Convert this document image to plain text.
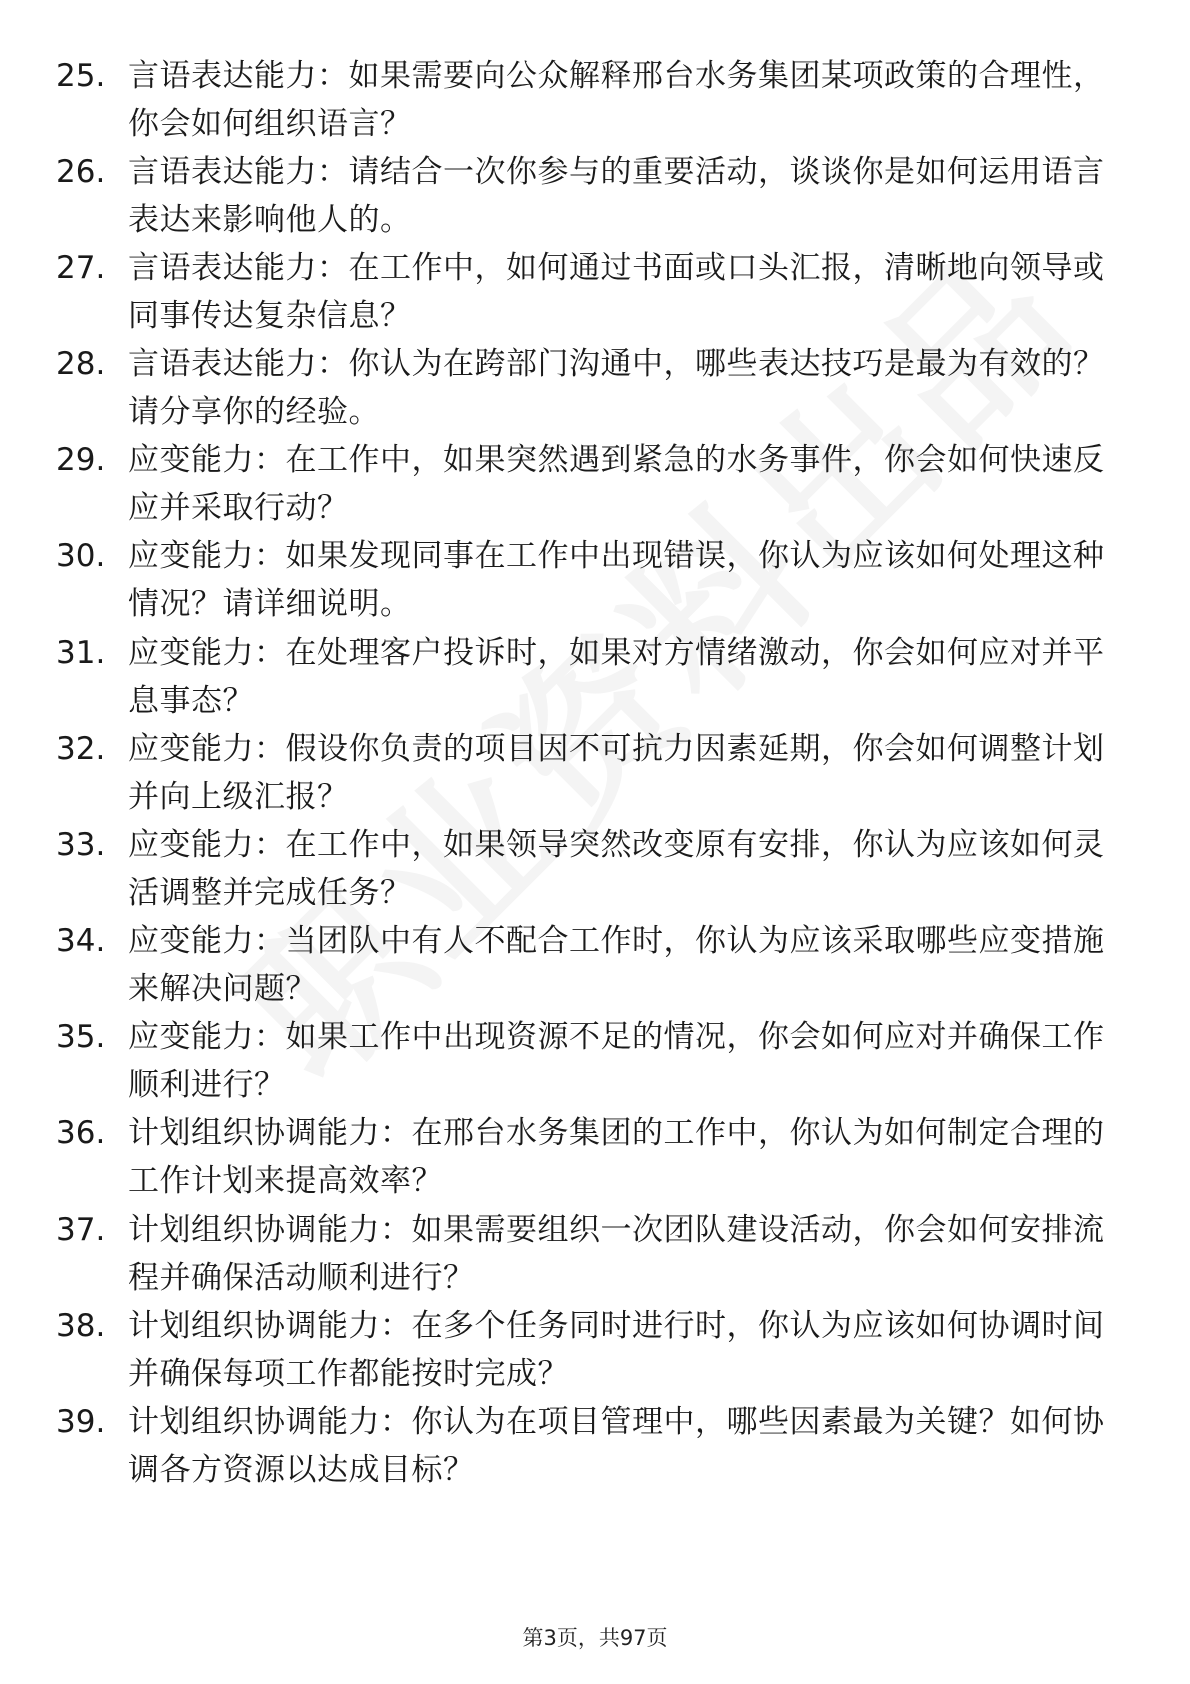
25. 言语表达能力：如果需要向公众解释邢台水务集团某项政策的合理性，你会如何组织语言？
26. 言语表达能力：请结合一次你参与的重要活动，谈谈你是如何运用语言表达来影响他人的。
27. 言语表达能力：在工作中，如何通过书面或口头汇报，清晰地向领导或同事传达复杂信息？
28. 言语表达能力：你认为在跨部门沟通中，哪些表达技巧是最为有效的？请分享你的经验。
29. 应变能力：在工作中，如果突然遇到紧急的水务事件，你会如何快速反应并采取行动？
30. 应变能力：如果发现同事在工作中出现错误，你认为应该如何处理这种情况？请详细说明。
31. 应变能力：在处理客户投诉时，如果对方情绪激动，你会如何应对并平息事态？
32. 应变能力：假设你负责的项目因不可抗力因素延期，你会如何调整计划并向上级汇报？
33. 应变能力：在工作中，如果领导突然改变原有安排，你认为应该如何灵活调整并完成任务？
34. 应变能力：当团队中有人不配合工作时，你认为应该采取哪些应变措施来解决问题？
35. 应变能力：如果工作中出现资源不足的情况，你会如何应对并确保工作顺利进行？
36. 计划组织协调能力：在邢台水务集团的工作中，你认为如何制定合理的工作计划来提高效率？
37. 计划组织协调能力：如果需要组织一次团队建设活动，你会如何安排流程并确保活动顺利进行？
38. 计划组织协调能力：在多个任务同时进行时，你认为应该如何协调时间并确保每项工作都能按时完成？
39. 计划组织协调能力：你认为在项目管理中，哪些因素最为关键？如何协调各方资源以达成目标？
第3页，共97页
